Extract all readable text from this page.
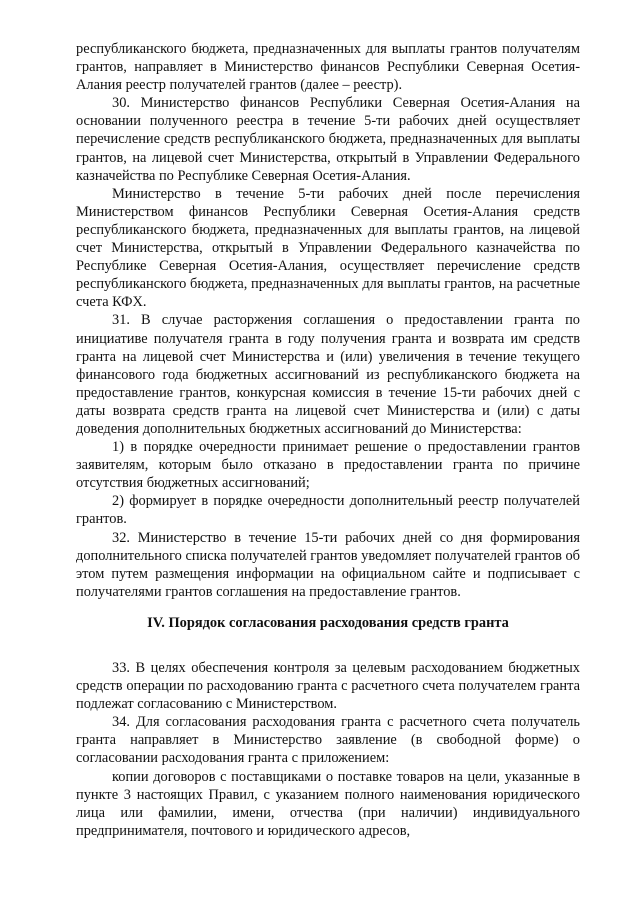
республиканского бюджета, предназначенных для выплаты грантов получателям грантов, направляет в Министерство финансов Республики Северная Осетия-Алания реестр получателей грантов (далее – реестр).

30. Министерство финансов Республики Северная Осетия-Алания на основании полученного реестра в течение 5-ти рабочих дней осуществляет перечисление средств республиканского бюджета, предназначенных для выплаты грантов, на лицевой счет Министерства, открытый в Управлении Федерального казначейства по Республике Северная Осетия-Алания.

Министерство в течение 5-ти рабочих дней после перечисления Министерством финансов Республики Северная Осетия-Алания средств республиканского бюджета, предназначенных для выплаты грантов, на лицевой счет Министерства, открытый в Управлении Федерального казначейства по Республике Северная Осетия-Алания, осуществляет перечисление средств республиканского бюджета, предназначенных для выплаты грантов, на расчетные счета КФХ.

31. В случае расторжения соглашения о предоставлении гранта по инициативе получателя гранта в году получения гранта и возврата им средств гранта на лицевой счет Министерства и (или) увеличения в течение текущего финансового года бюджетных ассигнований из республиканского бюджета на предоставление грантов, конкурсная комиссия в течение 15-ти рабочих дней с даты возврата средств гранта на лицевой счет Министерства и (или) с даты доведения дополнительных бюджетных ассигнований до Министерства:

1) в порядке очередности принимает решение о предоставлении грантов заявителям, которым было отказано в предоставлении гранта по причине отсутствия бюджетных ассигнований;

2) формирует в порядке очередности дополнительный реестр получателей грантов.

32. Министерство в течение 15-ти рабочих дней со дня формирования дополнительного списка получателей грантов уведомляет получателей грантов об этом путем размещения информации на официальном сайте и подписывает с получателями грантов соглашения на предоставление грантов.

IV. Порядок согласования расходования средств гранта

33. В целях обеспечения контроля за целевым расходованием бюджетных средств операции по расходованию гранта с расчетного счета получателем гранта подлежат согласованию с Министерством.

34. Для согласования расходования гранта с расчетного счета получатель гранта направляет в Министерство заявление (в свободной форме) о согласовании расходования гранта с приложением:

копии договоров с поставщиками о поставке товаров на цели, указанные в пункте 3 настоящих Правил, с указанием полного наименования юридического лица или фамилии, имени, отчества (при наличии) индивидуального предпринимателя, почтового и юридического адресов,
